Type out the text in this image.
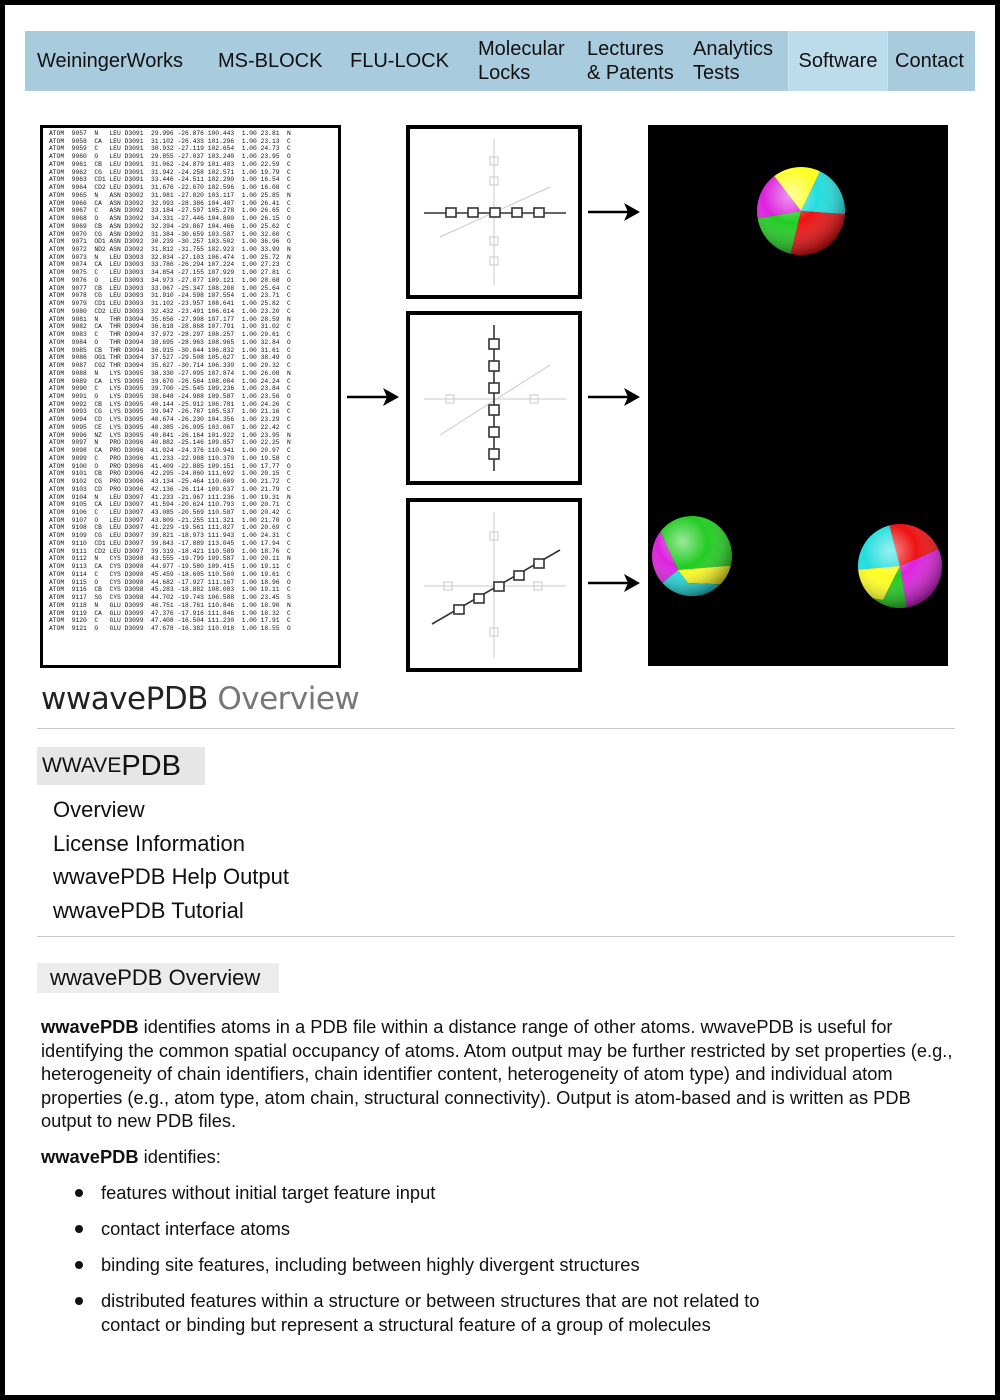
WeiningerWorks MS-BLOCK FLU-LOCK
Molecular
Locks
Lectures
& Patents
Analytics
Tests
Software Contact
ATOM  9057  N   LEU D3091  29.996 -26.876 100.443  1.00 23.81  N
ATOM  9058  CA  LEU D3091  31.102 -26.433 101.296  1.00 23.13  C
ATOM  9059  C   LEU D3091  30.932 -27.119 102.654  1.00 24.73  C
ATOM  9060  O   LEU D3091  29.855 -27.037 103.240  1.00 23.95  O
ATOM  9061  CB  LEU D3091  31.062 -24.879 101.483  1.00 22.59  C
ATOM  9062  CG  LEU D3091  31.942 -24.258 102.571  1.00 19.79  C
ATOM  9063  CD1 LEU D3091  33.446 -24.511 102.290  1.00 16.54  C
ATOM  9064  CD2 LEU D3091  31.676 -22.670 102.596  1.00 16.08  C
ATOM  9065  N   ASN D3092  31.981 -27.820 103.117  1.00 25.85  N
ATOM  9066  CA  ASN D3092  32.093 -28.386 104.487  1.00 26.41  C
ATOM  9067  C   ASN D3092  33.184 -27.597 105.278  1.00 26.65  C
ATOM  9068  O   ASN D3092  34.331 -27.446 104.800  1.00 26.15  O
ATOM  9069  CB  ASN D3092  32.394 -29.867 104.466  1.00 25.62  C
ATOM  9070  CG  ASN D3092  31.384 -30.659 103.587  1.00 32.60  C
ATOM  9071  OD1 ASN D3092  30.239 -30.257 103.502  1.00 36.96  O
ATOM  9072  ND2 ASN D3092  31.812 -31.755 102.923  1.00 33.99  N
ATOM  9073  N   LEU D3093  32.834 -27.103 106.474  1.00 25.72  N
ATOM  9074  CA  LEU D3093  33.786 -26.294 107.224  1.00 27.23  C
ATOM  9075  C   LEU D3093  34.854 -27.155 107.929  1.00 27.81  C
ATOM  9076  O   LEU D3093  34.973 -27.077 109.121  1.00 28.68  O
ATOM  9077  CB  LEU D3093  33.067 -25.347 108.208  1.00 25.64  C
ATOM  9078  CG  LEU D3093  31.910 -24.598 107.554  1.00 23.71  C
ATOM  9079  CD1 LEU D3093  31.102 -23.957 108.641  1.00 25.82  C
ATOM  9080  CD2 LEU D3093  32.432 -23.491 106.614  1.00 23.20  C
ATOM  9081  N   THR D3094  35.656 -27.908 107.177  1.00 28.59  N
ATOM  9082  CA  THR D3094  36.618 -28.868 107.791  1.00 31.02  C
ATOM  9083  C   THR D3094  37.972 -28.297 108.257  1.00 29.61  C
ATOM  9084  O   THR D3094  38.695 -28.963 108.965  1.00 32.84  O
ATOM  9085  CB  THR D3094  36.915 -30.044 106.832  1.00 31.61  C
ATOM  9086  OG1 THR D3094  37.527 -29.508 105.627  1.00 38.49  O
ATOM  9087  CG2 THR D3094  35.627 -30.714 106.330  1.00 29.32  C
ATOM  9088  N   LYS D3095  38.330 -27.095 107.874  1.00 26.08  N
ATOM  9089  CA  LYS D3095  39.670 -26.584 108.084  1.00 24.24  C
ATOM  9090  C   LYS D3095  39.700 -25.545 109.236  1.00 23.84  C
ATOM  9091  O   LYS D3095  38.648 -24.988 109.587  1.00 23.56  O
ATOM  9092  CB  LYS D3095  40.144 -25.912 106.781  1.00 24.26  C
ATOM  9093  CG  LYS D3095  39.947 -26.787 105.537  1.00 21.16  C
ATOM  9094  CD  LYS D3095  40.674 -26.230 104.356  1.00 23.29  C
ATOM  9095  CE  LYS D3095  40.385 -26.995 103.067  1.00 22.42  C
ATOM  9096  NZ  LYS D3095  40.841 -26.164 101.922  1.00 23.95  N
ATOM  9097  N   PRO D3096  40.882 -25.146 109.857  1.00 22.25  N
ATOM  9098  CA  PRO D3096  41.024 -24.376 110.941  1.00 20.97  C
ATOM  9099  C   PRO D3096  41.233 -22.988 110.370  1.00 19.58  C
ATOM  9100  O   PRO D3096  41.409 -22.885 109.151  1.00 17.77  O
ATOM  9101  CB  PRO D3096  42.295 -24.860 111.692  1.00 20.15  C
ATOM  9102  CG  PRO D3096  43.134 -25.464 110.609  1.00 21.72  C
ATOM  9103  CD  PRO D3096  42.136 -26.114 109.637  1.00 21.79  C
ATOM  9104  N   LEU D3097  41.233 -21.967 111.236  1.00 19.31  N
ATOM  9105  CA  LEU D3097  41.594 -20.624 110.793  1.00 20.71  C
ATOM  9106  C   LEU D3097  43.085 -20.569 110.587  1.00 20.42  C
ATOM  9107  O   LEU D3097  43.809 -21.255 111.321  1.00 21.70  O
ATOM  9108  CB  LEU D3097  41.229 -19.561 111.827  1.00 20.69  C
ATOM  9109  CG  LEU D3097  39.821 -18.973 111.943  1.00 24.31  C
ATOM  9110  CD1 LEU D3097  39.843 -17.889 113.045  1.00 17.94  C
ATOM  9111  CD2 LEU D3097  39.319 -18.421 110.589  1.00 18.76  C
ATOM  9112  N   CYS D3098  43.555 -19.799 109.587  1.00 20.11  N
ATOM  9113  CA  CYS D3098  44.977 -19.580 109.415  1.00 19.11  C
ATOM  9114  C   CYS D3098  45.459 -18.605 110.560  1.00 19.61  C
ATOM  9115  O   CYS D3098  44.682 -17.927 111.167  1.00 18.96  O
ATOM  9116  CB  CYS D3098  45.283 -18.882 108.083  1.00 19.11  C
ATOM  9117  SG  CYS D3098  44.702 -19.743 106.588  1.00 23.45  S
ATOM  9118  N   GLU D3099  46.751 -18.761 110.846  1.00 18.90  N
ATOM  9119  CA  GLU D3099  47.376 -17.916 111.846  1.00 18.32  C
ATOM  9120  C   GLU D3099  47.408 -16.504 111.230  1.00 17.91  C
ATOM  9121  O   GLU D3099  47.678 -16.382 110.018  1.00 18.55  O
wwavePDB Overview
WWAVE PDB
Overview
License Information
wwavePDB Help Output
wwavePDB Tutorial
wwavePDB Overview
wwavePDB identifies atoms in a PDB file within a distance range of other atoms. wwavePDB is useful for identifying the common spatial occupancy of atoms. Atom output may be further restricted by set properties (e.g., heterogeneity of chain identifiers, chain identifier content, heterogeneity of atom type) and individual atom properties (e.g., atom type, atom chain, structural connectivity). Output is atom-based and is written as PDB output to new PDB files.
wwavePDB identifies:
features without initial target feature input
contact interface atoms
binding site features, including between highly divergent structures
distributed features within a structure or between structures that are not related to contact or binding but represent a structural feature of a group of molecules
